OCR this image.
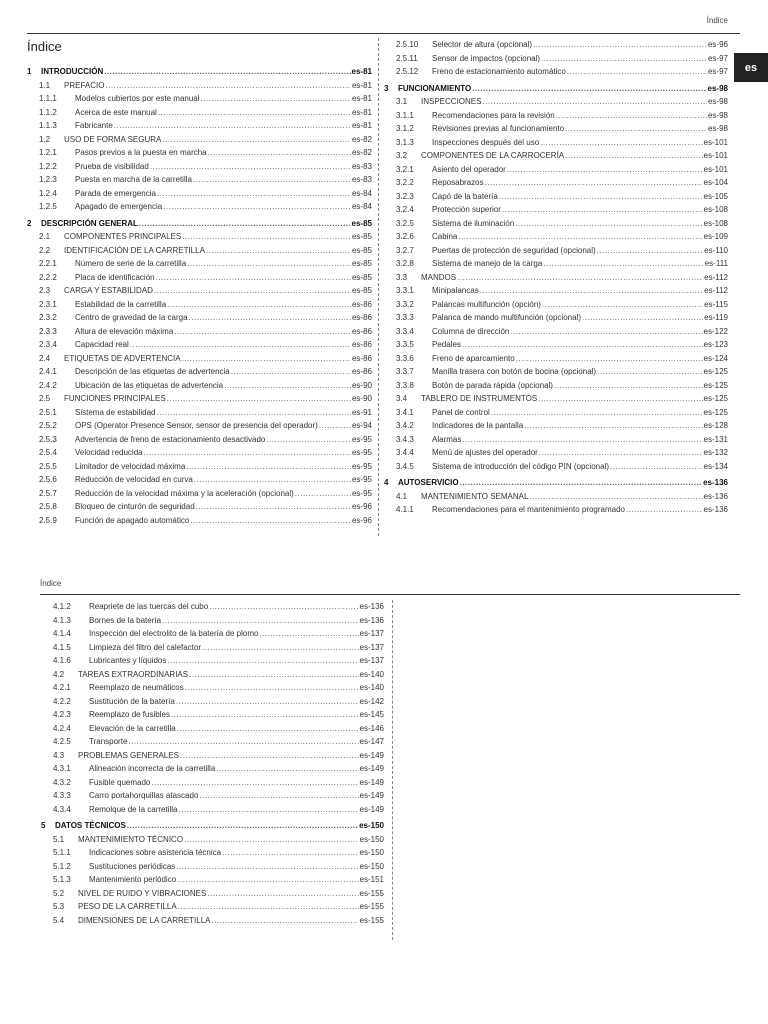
Índice
Índice
es
1	INTRODUCCIÓN .....	es-81
1.1	PREFACIO .....	es-81
1.1.1	Modelos cubiertos por este manual .....	es-81
1.1.2	Acerca de este manual .....	es-81
1.1.3	Fabricante .....	es-81
1.2	USO DE FORMA SEGURA .....	es-82
1.2.1	Pasos previos a la puesta en marcha .....	es-82
1.2.2	Prueba de visibilidad .....	es-83
1.2.3	Puesta en marcha de la carretilla .....	es-83
1.2.4	Parada de emergencia .....	es-84
1.2.5	Apagado de emergencia .....	es-84
2	DESCRIPCIÓN GENERAL .....	es-85
2.1	COMPONENTES PRINCIPALES .....	es-85
2.2	IDENTIFICACIÓN DE LA CARRETILLA .....	es-85
2.2.1	Número de serie de la carretilla .....	es-85
2.2.2	Placa de identificación .....	es-85
2.3	CARGA Y ESTABILIDAD .....	es-85
2.3.1	Estabilidad de la carretilla .....	es-86
2.3.2	Centro de gravedad de la carga .....	es-86
2.3.3	Altura de elevación máxima .....	es-86
2.3.4	Capacidad real .....	es-86
2.4	ETIQUETAS DE ADVERTENCIA .....	es-86
2.4.1	Descripción de las etiquetas de advertencia .....	es-86
2.4.2	Ubicación de las etiquetas de advertencia .....	es-90
2.5	FUNCIONES PRINCIPALES .....	es-90
2.5.1	Sistema de estabilidad .....	es-91
2.5.2	OPS (Operator Presence Sensor, sensor de presencia del operador) .....	es-94
2.5.3	Advertencia de freno de estacionamiento desactivado .....	es-95
2.5.4	Velocidad reducida .....	es-95
2.5.5	Limitador de velocidad máxima .....	es-95
2.5.6	Reducción de velocidad en curva .....	es-95
2.5.7	Reducción de la velocidad máxima y la aceleración (opcional) .....	es-95
2.5.8	Bloqueo de cinturón de seguridad .....	es-96
2.5.9	Función de apagado automático .....	es-96
2.5.10	Selector de altura (opcional) .....	es-96
2.5.11	Sensor de impactos (opcional) .....	es-97
2.5.12	Freno de estacionamiento automático .....	es-97
3	FUNCIONAMIENTO .....	es-98
3.1	INSPECCIONES .....	es-98
3.1.1	Recomendaciones para la revisión .....	es-98
3.1.2	Revisiones previas al funcionamiento .....	es-98
3.1.3	Inspecciones después del uso .....	es-101
3.2	COMPONENTES DE LA CARROCERÍA .....	es-101
3.2.1	Asiento del operador .....	es-101
3.2.2	Reposabrazos .....	es-104
3.2.3	Capó de la batería .....	es-105
3.2.4	Protección superior .....	es-108
3.2.5	Sistema de iluminación .....	es-108
3.2.6	Cabina .....	es-109
3.2.7	Puertas de protección de seguridad (opcional) .....	es-110
3.2.8	Sistema de manejo de la carga .....	es-111
3.3	MANDOS .....	es-112
3.3.1	Minipalancas .....	es-112
3.3.2	Palancas multifunción (opción) .....	es-115
3.3.3	Palanca de mando multifunción (opcional) .....	es-119
3.3.4	Columna de dirección .....	es-122
3.3.5	Pedales .....	es-123
3.3.6	Freno de aparcamiento .....	es-124
3.3.7	Manilla trasera con botón de bocina (opcional) .....	es-125
3.3.8	Botón de parada rápida (opcional) .....	es-125
3.4	TABLERO DE INSTRUMENTOS .....	es-125
3.4.1	Panel de control .....	es-125
3.4.2	Indicadores de la pantalla .....	es-128
3.4.3	Alarmas .....	es-131
3.4.4	Menú de ajustes del operador .....	es-132
3.4.5	Sistema de introducción del código PIN (opcional) .....	es-134
4	AUTOSERVICIO .....	es-136
4.1	MANTENIMIENTO SEMANAL .....	es-136
4.1.1	Recomendaciones para el mantenimiento programado .....	es-136
Índice
4.1.2	Reapriete de las tuercas del cubo .....	es-136
4.1.3	Bornes de la batería .....	es-136
4.1.4	Inspección del electrolito de la batería de plomo .....	es-137
4.1.5	Limpieza del filtro del calefactor .....	es-137
4.1.6	Lubricantes y líquidos .....	es-137
4.2	TAREAS EXTRAORDINARIAS .....	es-140
4.2.1	Reemplazo de neumáticos .....	es-140
4.2.2	Sustitución de la batería .....	es-142
4.2.3	Reemplazo de fusibles .....	es-145
4.2.4	Elevación de la carretilla .....	es-146
4.2.5	Transporte .....	es-147
4.3	PROBLEMAS GENERALES .....	es-149
4.3.1	Alineación incorrecta de la carretilla .....	es-149
4.3.2	Fusible quemado .....	es-149
4.3.3	Carro portahorquillas atascado .....	es-149
4.3.4	Remolque de la carretilla .....	es-149
5	DATOS TÉCNICOS .....	es-150
5.1	MANTENIMIENTO TÉCNICO .....	es-150
5.1.1	Indicaciones sobre asistencia técnica .....	es-150
5.1.2	Sustituciones periódicas .....	es-150
5.1.3	Mantenimiento periódico .....	es-151
5.2	NIVEL DE RUIDO Y VIBRACIONES .....	es-155
5.3	PESO DE LA CARRETILLA .....	es-155
5.4	DIMENSIONES DE LA CARRETILLA .....	es-155
